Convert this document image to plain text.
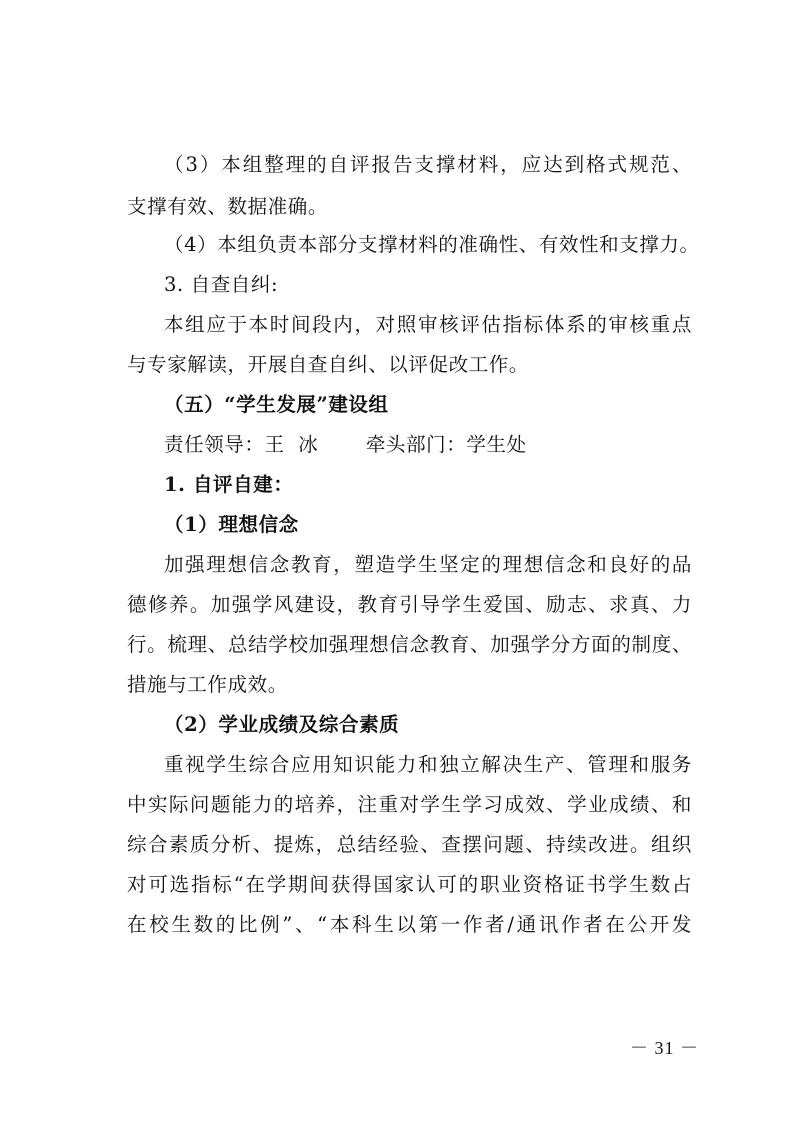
（3）本组整理的自评报告支撑材料，应达到格式规范、
支撑有效、数据准确。
（4）本组负责本部分支撑材料的准确性、有效性和支撑力。
3. 自查自纠:
本组应于本时间段内，对照审核评估指标体系的审核重点
与专家解读，开展自查自纠、以评促改工作。
（五）“学生发展”建设组
责任领导：王  冰       牵头部门：学生处
1. 自评自建：
（1）理想信念
加强理想信念教育，塑造学生坚定的理想信念和良好的品
德修养。加强学风建设，教育引导学生爱国、励志、求真、力
行。梳理、总结学校加强理想信念教育、加强学分方面的制度、
措施与工作成效。
（2）学业成绩及综合素质
重视学生综合应用知识能力和独立解决生产、管理和服务
中实际问题能力的培养，注重对学生学习成效、学业成绩、和
综合素质分析、提炼，总结经验、查摆问题、持续改进。组织
对可选指标“在学期间获得国家认可的职业资格证书学生数占
在校生数的比例”、“本科生以第一作者/通讯作者在公开发
－ 31 －
